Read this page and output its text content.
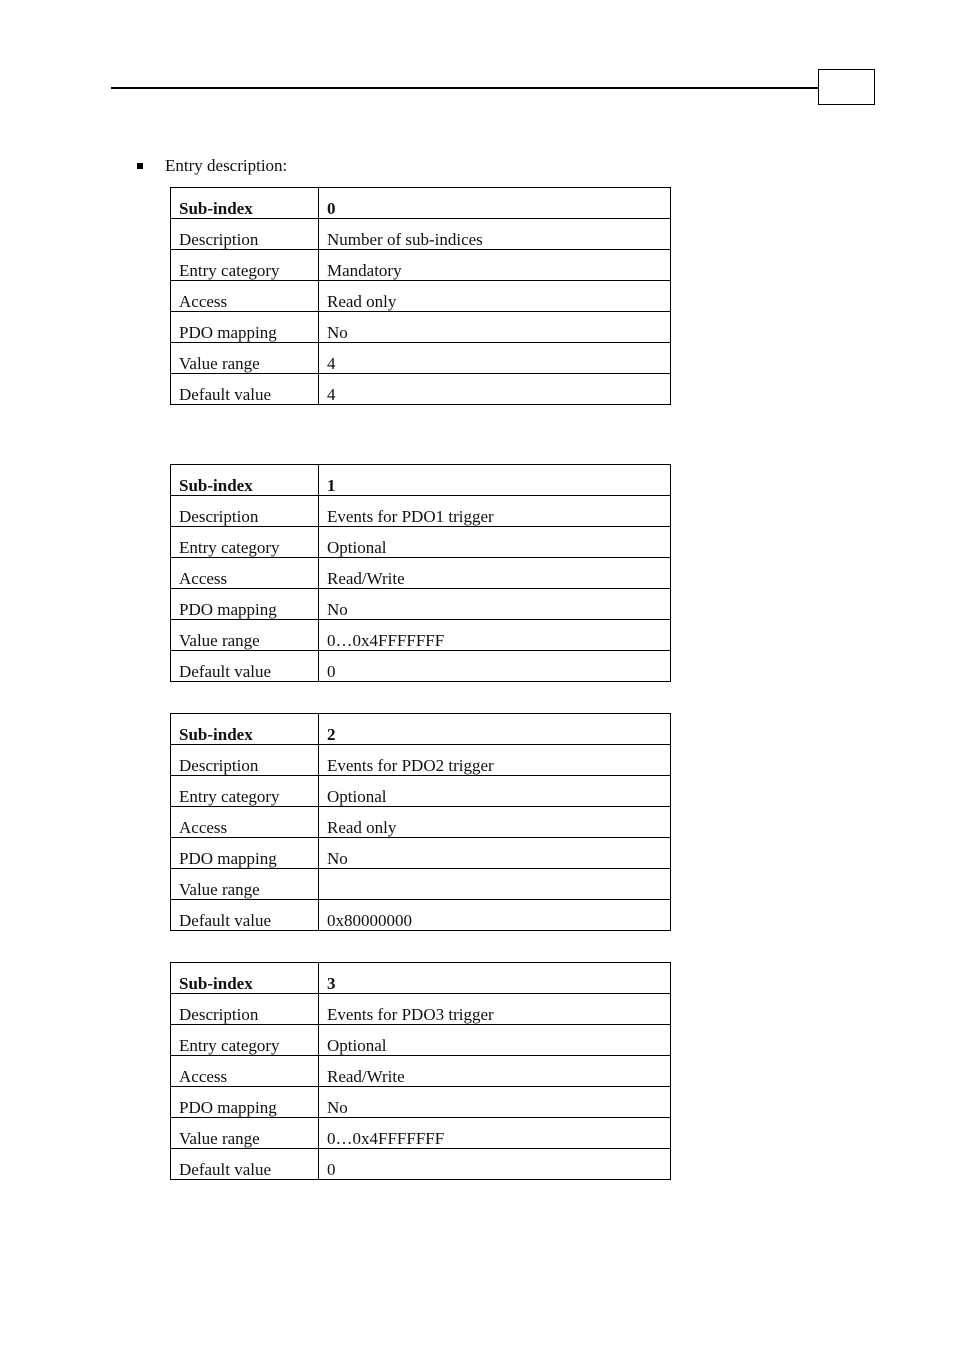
Entry description:
Sub-index	0
Description	Number of sub-indices
Entry category	Mandatory
Access	Read only
PDO mapping	No
Value range	4
Default value	4
Sub-index	1
Description	Events for PDO1 trigger
Entry category	Optional
Access	Read/Write
PDO mapping	No
Value range	0…0x4FFFFFFF
Default value	0
Sub-index	2
Description	Events for PDO2 trigger
Entry category	Optional
Access	Read only
PDO mapping	No
Value range	
Default value	0x80000000
Sub-index	3
Description	Events for PDO3 trigger
Entry category	Optional
Access	Read/Write
PDO mapping	No
Value range	0…0x4FFFFFFF
Default value	0
